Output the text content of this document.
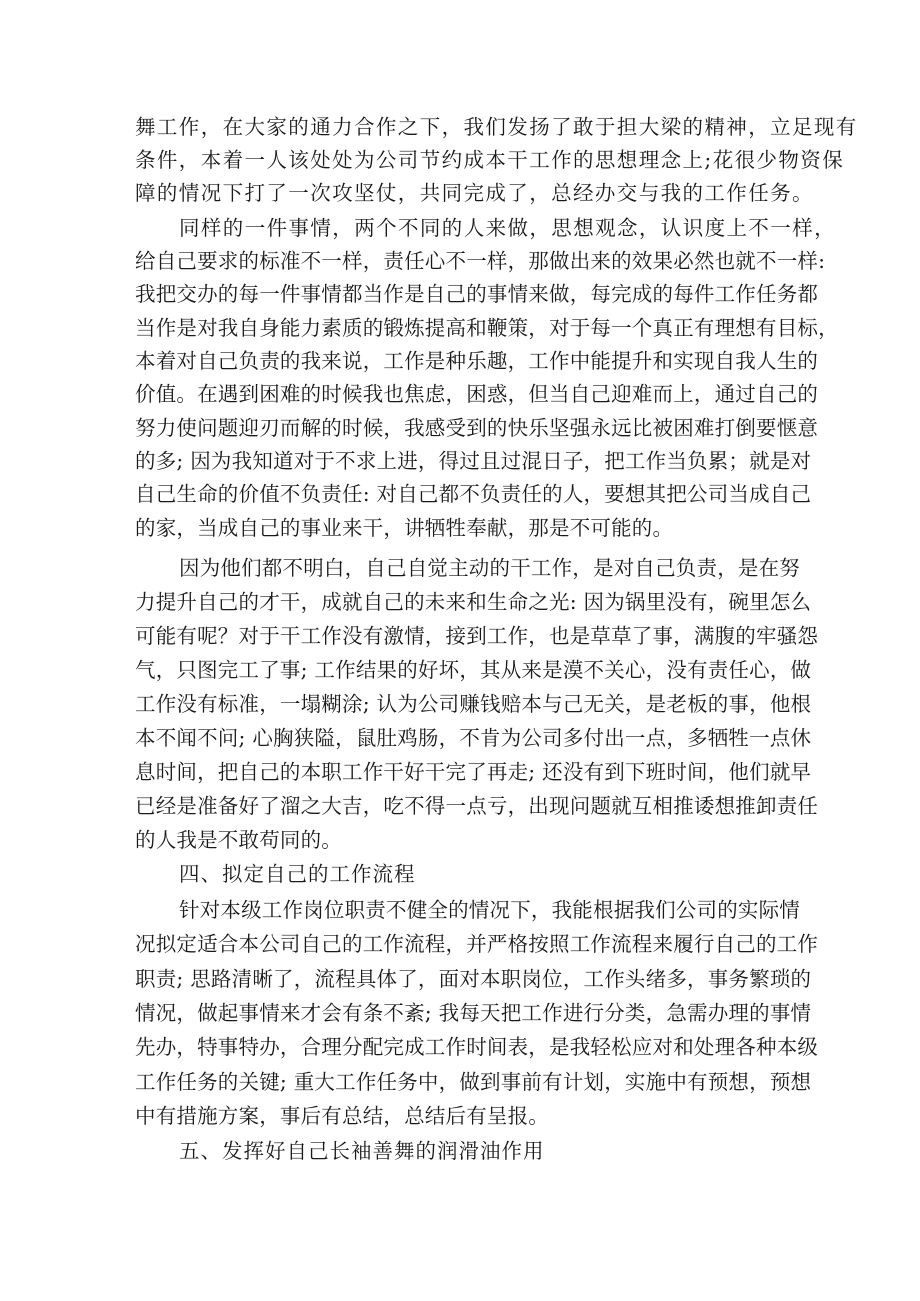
舞工作，在大家的通力合作之下，我们发扬了敢于担大梁的精神，立足现有
条件，本着一人该处处为公司节约成本干工作的思想理念上;花很少物资保
障的情况下打了一次攻坚仗，共同完成了，总经办交与我的工作任务。
同样的一件事情，两个不同的人来做，思想观念，认识度上不一样，
给自己要求的标准不一样，责任心不一样，那做出来的效果必然也就不一样:
我把交办的每一件事情都当作是自己的事情来做，每完成的每件工作任务都
当作是对我自身能力素质的锻炼提高和鞭策，对于每一个真正有理想有目标，
本着对自己负责的我来说，工作是种乐趣，工作中能提升和实现自我人生的
价值。在遇到困难的时候我也焦虑，困惑，但当自己迎难而上，通过自己的
努力使问题迎刃而解的时候，我感受到的快乐坚强永远比被困难打倒要惬意
的多; 因为我知道对于不求上进，得过且过混日子，把工作当负累；就是对
自己生命的价值不负责任: 对自己都不负责任的人，要想其把公司当成自己
的家，当成自己的事业来干，讲牺牲奉献，那是不可能的。
因为他们都不明白，自己自觉主动的干工作，是对自己负责，是在努
力提升自己的才干，成就自己的未来和生命之光: 因为锅里没有，碗里怎么
可能有呢？对于干工作没有激情，接到工作，也是草草了事，满腹的牢骚怨
气，只图完工了事; 工作结果的好坏，其从来是漠不关心，没有责任心，做
工作没有标准，一塌糊涂; 认为公司赚钱赔本与己无关，是老板的事，他根
本不闻不问; 心胸狭隘，鼠肚鸡肠，不肯为公司多付出一点，多牺牲一点休
息时间，把自己的本职工作干好干完了再走; 还没有到下班时间，他们就早
已经是准备好了溜之大吉，吃不得一点亏，出现问题就互相推诿想推卸责任
的人我是不敢苟同的。
四、拟定自己的工作流程
针对本级工作岗位职责不健全的情况下，我能根据我们公司的实际情
况拟定适合本公司自己的工作流程，并严格按照工作流程来履行自己的工作
职责; 思路清晰了，流程具体了，面对本职岗位，工作头绪多，事务繁琐的
情况，做起事情来才会有条不紊; 我每天把工作进行分类，急需办理的事情
先办，特事特办，合理分配完成工作时间表，是我轻松应对和处理各种本级
工作任务的关键; 重大工作任务中，做到事前有计划，实施中有预想，预想
中有措施方案，事后有总结，总结后有呈报。
五、发挥好自己长袖善舞的润滑油作用
